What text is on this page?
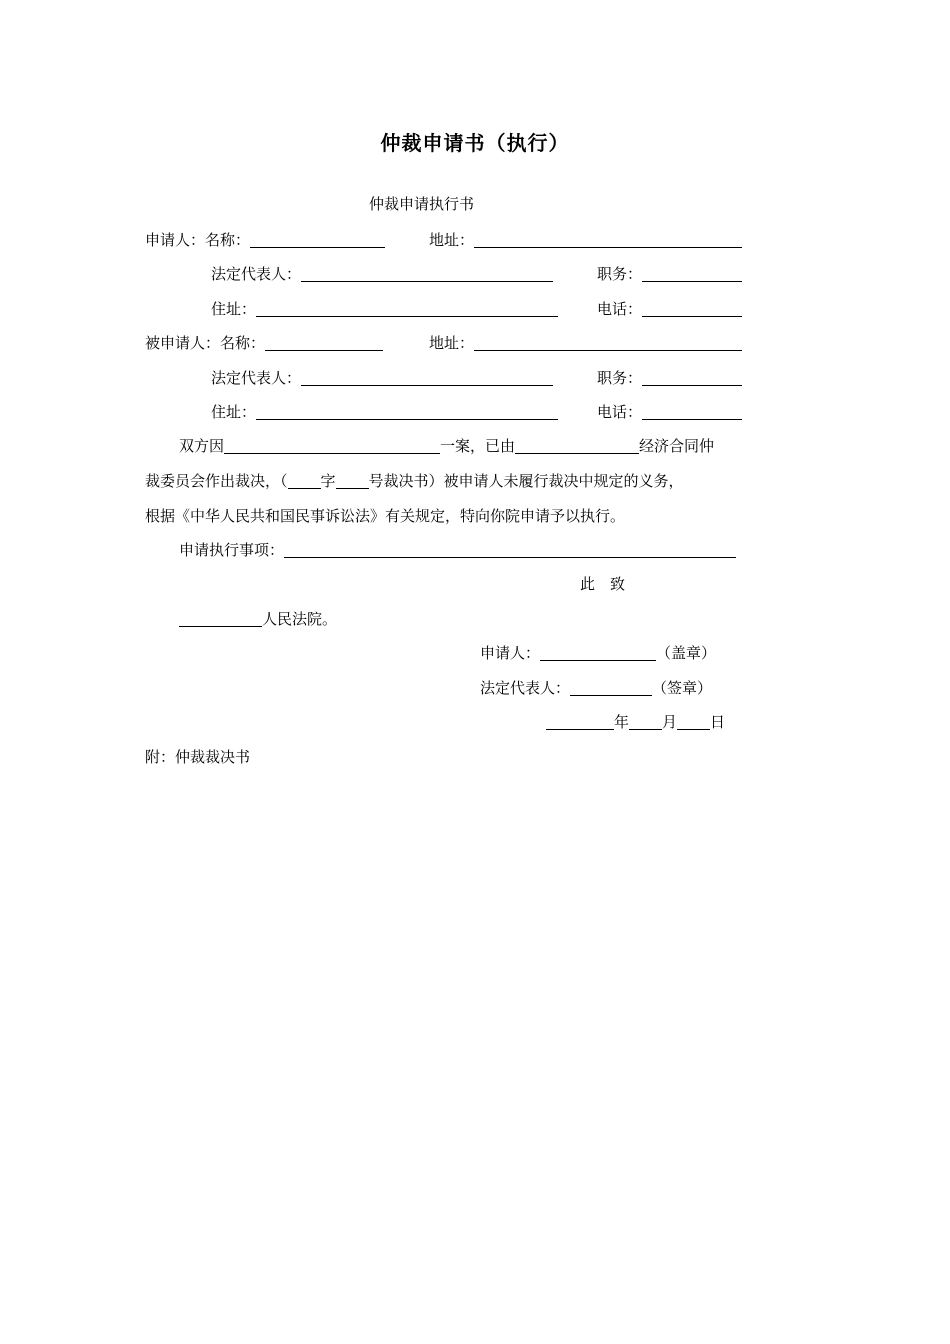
仲裁申请书（执行）
仲裁申请执行书
申请人：名称：	地址：
法定代表人：	职务：
住址：	电话：
被申请人：名称：	地址：
法定代表人：	职务：
住址：	电话：
双方因	一案，已由	经济合同仲
裁委员会作出裁决，（ 字 号裁决书）被申请人未履行裁决中规定的义务，
根据《中华人民共和国民事诉讼法》有关规定，特向你院申请予以执行。
申请执行事项：
此　致
人民法院。
申请人：	（盖章）
法定代表人：	（签章）
年 月 日
附：仲裁裁决书
